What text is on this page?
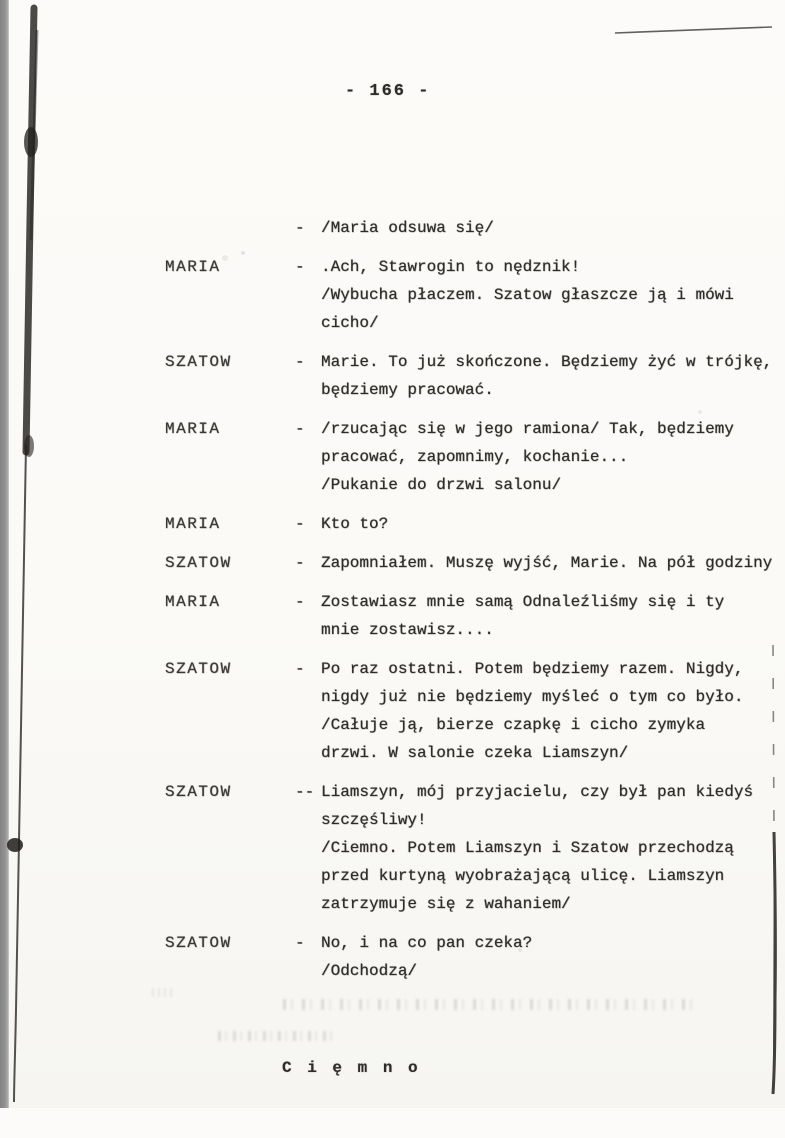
- 166 -

-	/Maria odsuwa się/
MARIA	-	.Ach, Stawrogin to nędznik!
/Wybucha płaczem. Szatow głaszcze ją i mówi
cicho/
SZATOW	-	Marie. To już skończone. Będziemy żyć w trójkę,
będziemy pracować.
MARIA	-	/rzucając się w jego ramiona/ Tak, będziemy
pracować, zapomnimy, kochanie...
/Pukanie do drzwi salonu/
MARIA	-	Kto to?
SZATOW	-	Zapomniałem. Muszę wyjść, Marie. Na pół godziny
MARIA	-	Zostawiasz mnie samą Odnaleźliśmy się i ty
mnie zostawisz....
SZATOW	-	Po raz ostatni. Potem będziemy razem. Nigdy,
nigdy już nie będziemy myśleć o tym co było.
/Całuje ją, bierze czapkę i cicho zymyka
drzwi. W salonie czeka Liamszyn/
SZATOW	-- Liamszyn, mój przyjacielu, czy był pan kiedyś
szczęśliwy!
/Ciemno. Potem Liamszyn i Szatow przechodzą
przed kurtyną wyobrażającą ulicę. Liamszyn
zatrzymuje się z wahaniem/
SZATOW	-	No, i na co pan czeka?
/Odchodzą/

C i ę m n o
